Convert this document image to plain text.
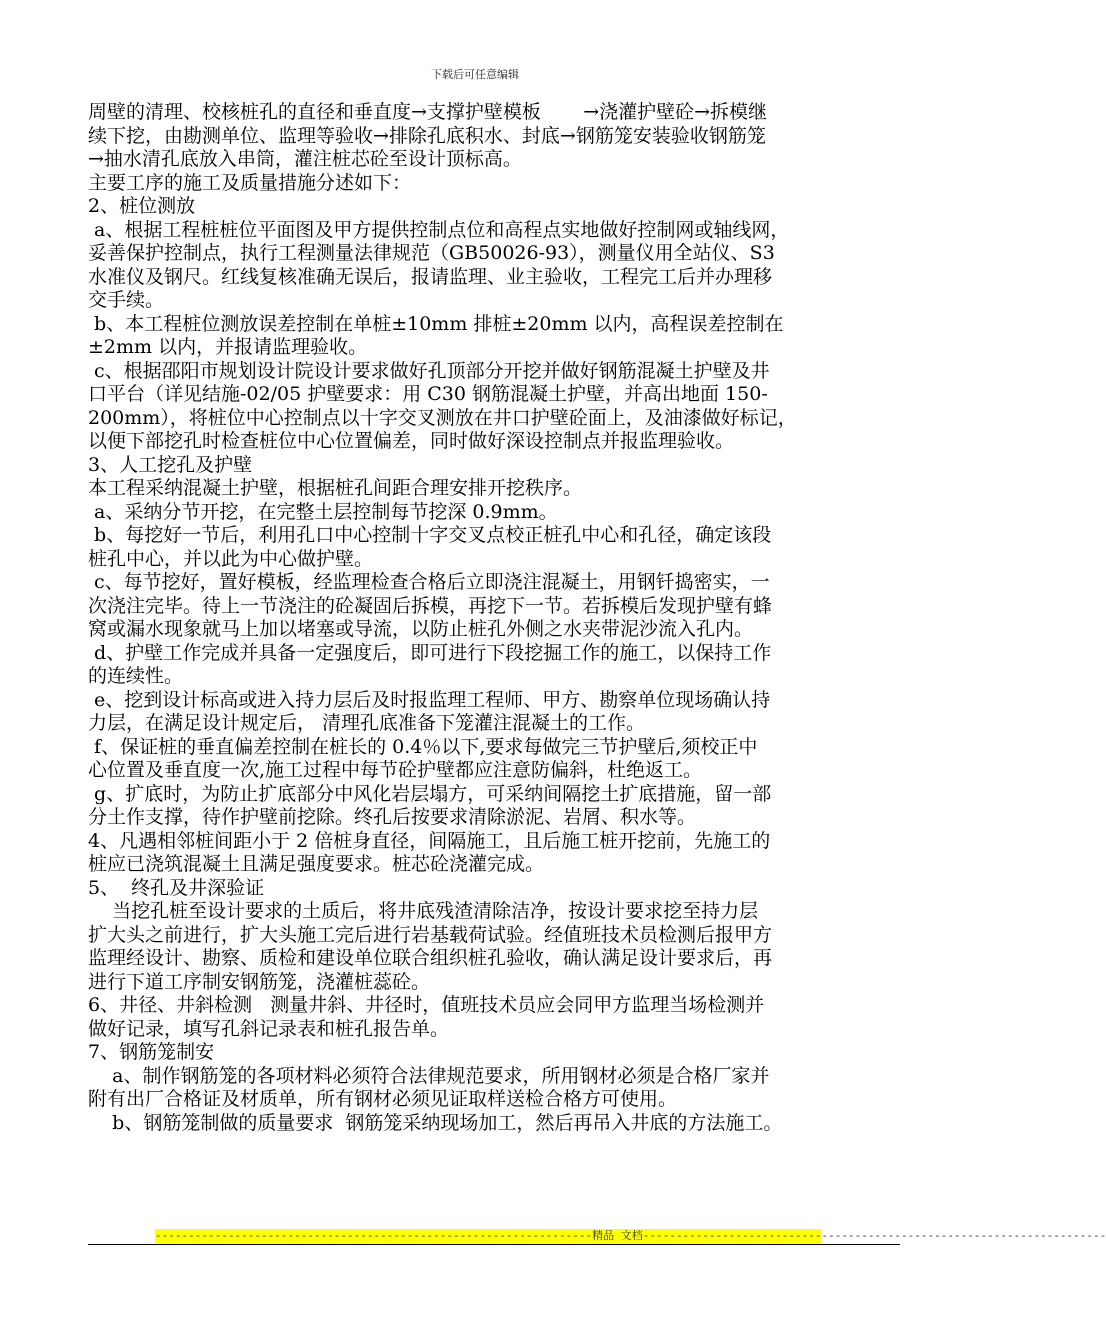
下载后可任意编辑
周壁的清理、校核桩孔的直径和垂直度→支撑护壁模板       →浇灌护壁砼→拆模继
续下挖，由勘测单位、监理等验收→排除孔底积水、封底→钢筋笼安装验收钢筋笼
→抽水清孔底放入串筒，灌注桩芯砼至设计顶标高。
主要工序的施工及质量措施分述如下：
2、桩位测放
a、根据工程桩桩位平面图及甲方提供控制点位和高程点实地做好控制网或轴线网，
妥善保护控制点，执行工程测量法律规范（GB50026-93），测量仪用全站仪、S3
水准仪及钢尺。红线复核准确无误后，报请监理、业主验收，工程完工后并办理移
交手续。
b、本工程桩位测放误差控制在单桩±10mm 排桩±20mm 以内，高程误差控制在
±2mm 以内，并报请监理验收。
c、根据邵阳市规划设计院设计要求做好孔顶部分开挖并做好钢筋混凝土护壁及井
口平台（详见结施-02/05 护壁要求：用 C30 钢筋混凝土护壁，并高出地面 150-
200mm），将桩位中心控制点以十字交叉测放在井口护壁砼面上，及油漆做好标记，
以便下部挖孔时检查桩位中心位置偏差，同时做好深设控制点并报监理验收。
3、人工挖孔及护壁
本工程采纳混凝土护壁，根据桩孔间距合理安排开挖秩序。
a、采纳分节开挖，在完整土层控制每节挖深 0.9mm。
b、每挖好一节后，利用孔口中心控制十字交叉点校正桩孔中心和孔径，确定该段
桩孔中心，并以此为中心做护壁。
c、每节挖好，置好模板，经监理检查合格后立即浇注混凝土，用钢钎捣密实，一
次浇注完毕。待上一节浇注的砼凝固后拆模，再挖下一节。若拆模后发现护壁有蜂
窝或漏水现象就马上加以堵塞或导流，以防止桩孔外侧之水夹带泥沙流入孔内。
d、护壁工作完成并具备一定强度后，即可进行下段挖掘工作的施工，以保持工作
的连续性。
e、挖到设计标高或进入持力层后及时报监理工程师、甲方、勘察单位现场确认持
力层，在满足设计规定后， 清理孔底准备下笼灌注混凝土的工作。
f、保证桩的垂直偏差控制在桩长的 0.4％以下,要求每做完三节护壁后,须校正中
心位置及垂直度一次,施工过程中每节砼护壁都应注意防偏斜，杜绝返工。
g、扩底时，为防止扩底部分中风化岩层塌方，可采纳间隔挖土扩底措施，留一部
分土作支撑，待作护壁前挖除。终孔后按要求清除淤泥、岩屑、积水等。
4、凡遇相邻桩间距小于 2 倍桩身直径，间隔施工，且后施工桩开挖前，先施工的
桩应已浇筑混凝土且满足强度要求。桩芯砼浇灌完成。
5、  终孔及井深验证
当挖孔桩至设计要求的土质后，将井底残渣清除洁净，按设计要求挖至持力层
扩大头之前进行，扩大头施工完后进行岩基载荷试验。经值班技术员检测后报甲方
监理经设计、勘察、质检和建设单位联合组织桩孔验收，确认满足设计要求后，再
进行下道工序制安钢筋笼，浇灌桩蕊砼。
6、井径、井斜检测   测量井斜、井径时，值班技术员应会同甲方监理当场检测并
做好记录，填写孔斜记录表和桩孔报告单。
7、钢筋笼制安
a、制作钢筋笼的各项材料必须符合法律规范要求，所用钢材必须是合格厂家并
附有出厂合格证及材质单，所有钢材必须见证取样送检合格方可使用。
b、钢筋笼制做的质量要求  钢筋笼采纳现场加工，然后再吊入井底的方法施工。
------------------------------------------------------------------精品 文档----------------------------------------------------------------------
